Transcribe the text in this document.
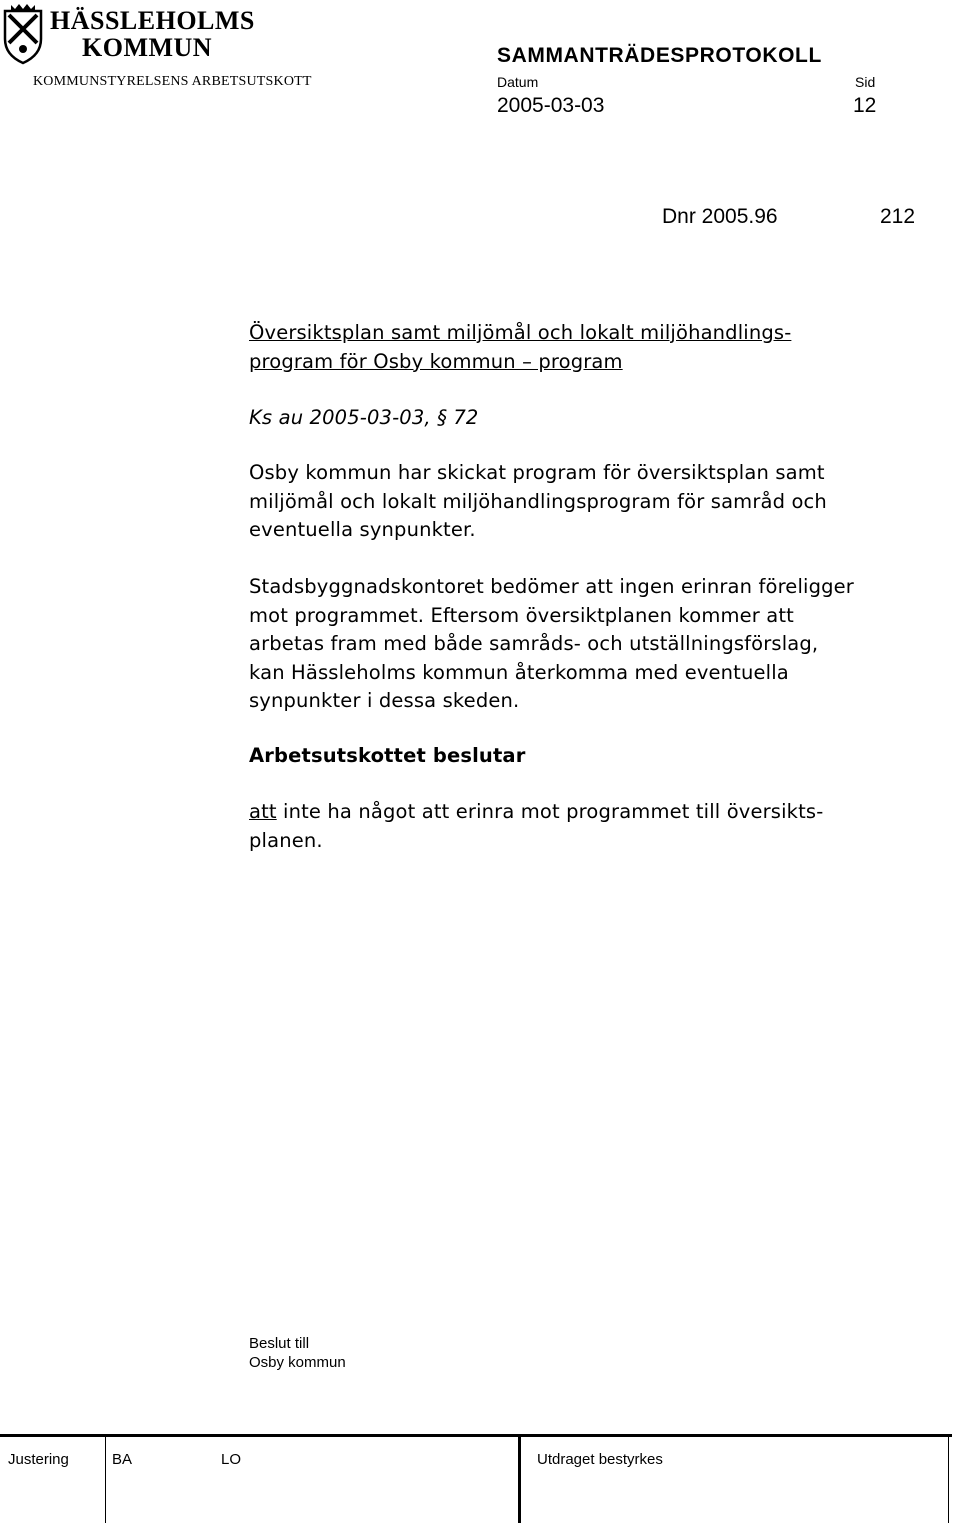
HÄSSLEHOLMS
KOMMUN
KOMMUNSTYRELSENS ARBETSUTSKOTT
SAMMANTRÄDESPROTOKOLL
Datum	Sid
2005-03-03	12
Dnr 2005.96	212
Översiktsplan samt miljömål och lokalt miljöhandlings-
program för Osby kommun – program
Ks au 2005-03-03, § 72
Osby kommun har skickat program för översiktsplan samt
miljömål och lokalt miljöhandlingsprogram för samråd och
eventuella synpunkter.
Stadsbyggnadskontoret bedömer att ingen erinran föreligger
mot programmet. Eftersom översiktplanen kommer att
arbetas fram med både samråds- och utställningsförslag,
kan Hässleholms kommun återkomma med eventuella
synpunkter i dessa skeden.
Arbetsutskottet beslutar
att inte ha något att erinra mot programmet till översikts-
planen.
Beslut till
Osby kommun
Justering	BA	LO	Utdraget bestyrkes
